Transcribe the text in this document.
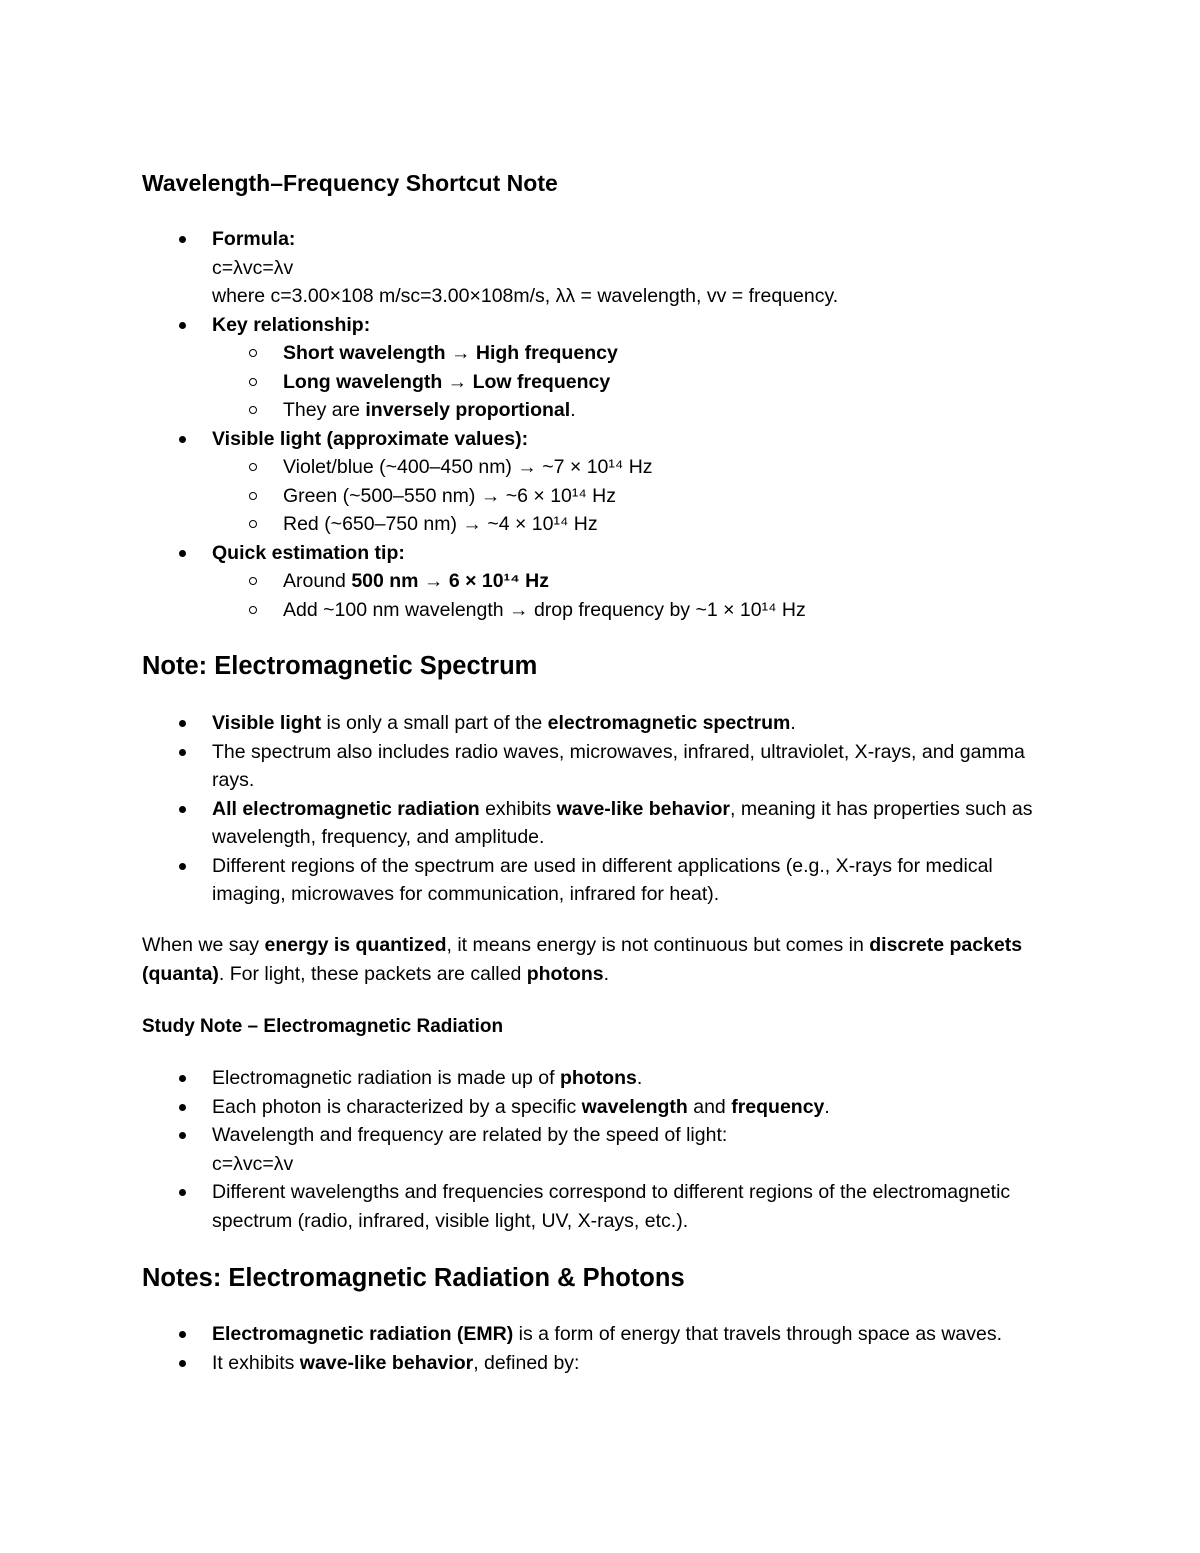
Wavelength–Frequency Shortcut Note
Formula:
c=λvc=λv
where c=3.00×108 m/sc=3.00×108m/s, λλ = wavelength, vv = frequency.
Key relationship:
Short wavelength → High frequency
Long wavelength → Low frequency
They are inversely proportional.
Visible light (approximate values):
Violet/blue (~400–450 nm) → ~7 × 10¹⁴ Hz
Green (~500–550 nm) → ~6 × 10¹⁴ Hz
Red (~650–750 nm) → ~4 × 10¹⁴ Hz
Quick estimation tip:
Around 500 nm → 6 × 10¹⁴ Hz
Add ~100 nm wavelength → drop frequency by ~1 × 10¹⁴ Hz
Note: Electromagnetic Spectrum
Visible light is only a small part of the electromagnetic spectrum.
The spectrum also includes radio waves, microwaves, infrared, ultraviolet, X-rays, and gamma rays.
All electromagnetic radiation exhibits wave-like behavior, meaning it has properties such as wavelength, frequency, and amplitude.
Different regions of the spectrum are used in different applications (e.g., X-rays for medical imaging, microwaves for communication, infrared for heat).

When we say energy is quantized, it means energy is not continuous but comes in discrete packets (quanta). For light, these packets are called photons.

Study Note – Electromagnetic Radiation
Electromagnetic radiation is made up of photons.
Each photon is characterized by a specific wavelength and frequency.
Wavelength and frequency are related by the speed of light:
c=λvc=λv
Different wavelengths and frequencies correspond to different regions of the electromagnetic spectrum (radio, infrared, visible light, UV, X-rays, etc.).
Notes: Electromagnetic Radiation & Photons
Electromagnetic radiation (EMR) is a form of energy that travels through space as waves.
It exhibits wave-like behavior, defined by:
